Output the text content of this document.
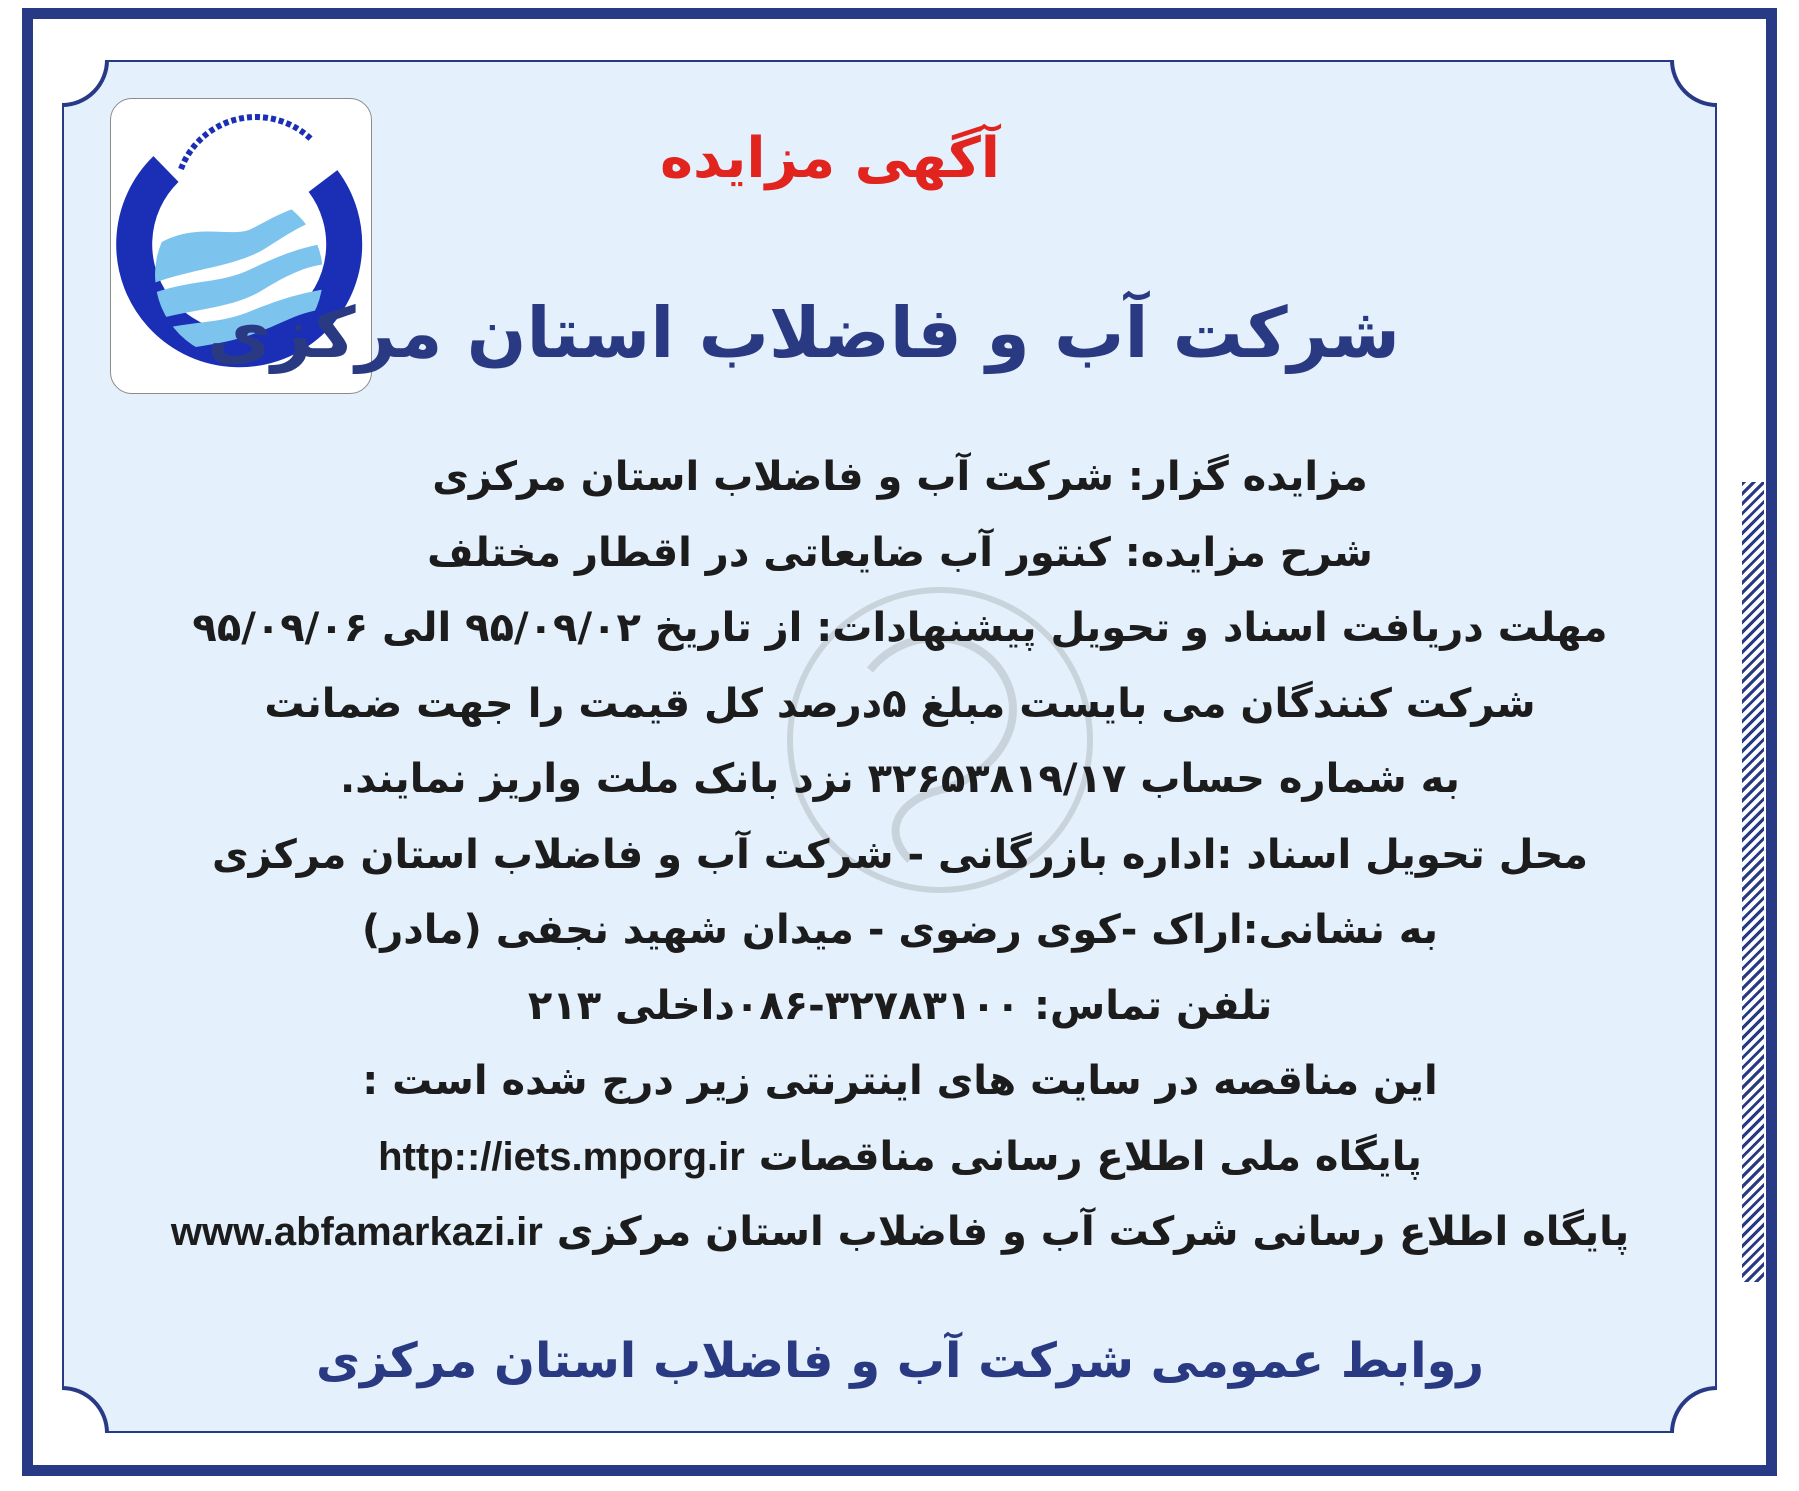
آگهی مزایده
شرکت آب و فاضلاب استان مرکزی
مزایده گزار: شرکت آب و فاضلاب استان مرکزی
شرح مزایده: کنتور آب ضایعاتی در اقطار مختلف
مهلت دریافت اسناد و تحویل پیشنهادات: از تاریخ ۹۵/۰۹/۰۲ الی ۹۵/۰۹/۰۶
شرکت کنندگان می بایست مبلغ ۵درصد کل قیمت را جهت ضمانت
به شماره حساب ۳۲۶۵۳۸۱۹/۱۷ نزد بانک ملت واریز نمایند.
محل تحویل اسناد :اداره بازرگانی - شرکت آب و فاضلاب استان مرکزی
به نشانی:اراک -کوی رضوی - میدان شهید نجفی (مادر)
تلفن تماس: ۳۲۷۸۳۱۰۰-۰۸۶داخلی ۲۱۳
این مناقصه در سایت های اینترنتی زیر درج شده است :
پایگاه ملی اطلاع رسانی مناقصات http:://iets.mporg.ir
پایگاه اطلاع رسانی شرکت آب و فاضلاب استان مرکزی www.abfamarkazi.ir
روابط عمومی شرکت آب و فاضلاب استان مرکزی
